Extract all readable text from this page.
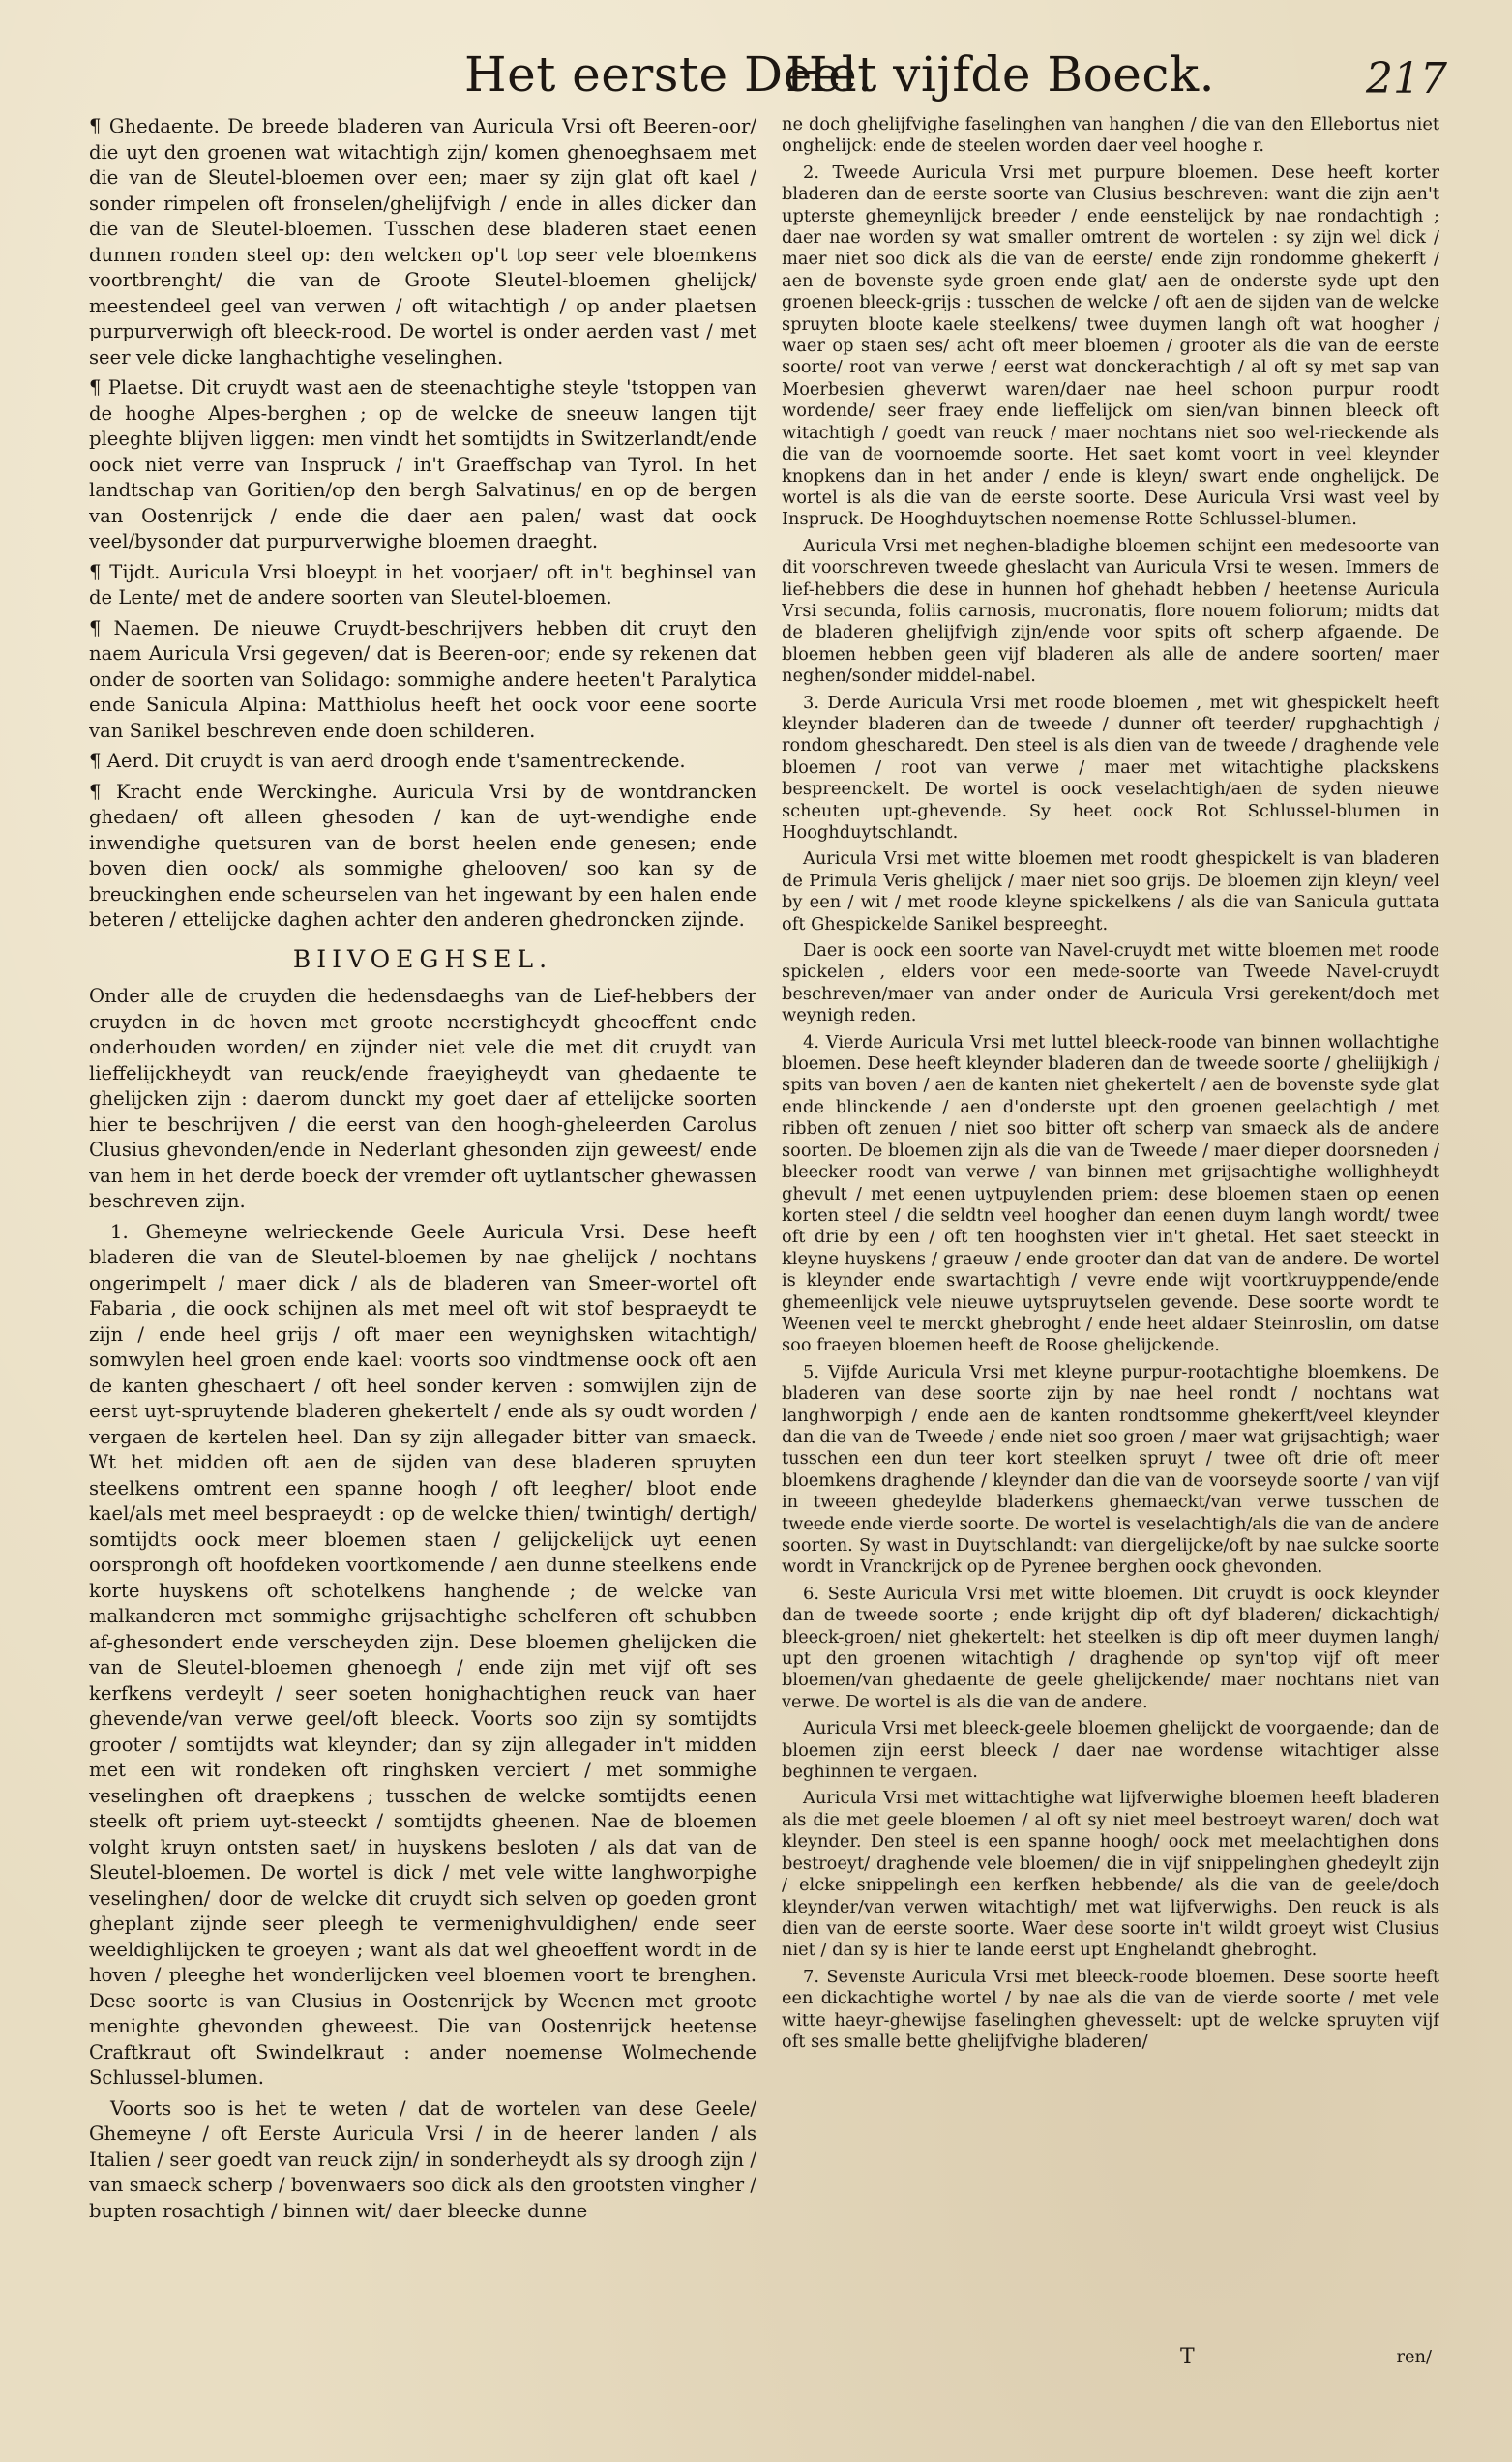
Het eerste Deel.
Het vijfde Boeck.	217

¶ Ghedaente. De breede bladeren van Auricula Vrsi oft Beeren-oor/ die uyt den groenen wat witachtigh zijn/ komen ghenoeghsaem met die van de Sleutel-bloemen over een; maer sy zijn glat oft kael / sonder rimpelen oft fronselen/ghelijfvigh / ende in alles dicker dan die van de Sleutel-bloemen. Tusschen dese bladeren staet eenen dunnen ronden steel op: den welcken op't top seer vele bloemkens voortbrenght/ die van de Groote Sleutel-bloemen ghelijck/ meestendeel geel van verwen / oft witachtigh / op ander plaetsen purpurverwigh oft bleeck-rood. De wortel is onder aerden vast / met seer vele dicke langhachtighe veselinghen.

¶ Plaetse. Dit cruydt wast aen de steenachtighe steyle 'tstoppen van de hooghe Alpes-berghen ; op de welcke de sneeuw langen tijt pleeghte blijven liggen: men vindt het somtijdts in Switzerlandt/ende oock niet verre van Inspruck / in't Graeffschap van Tyrol. In het landtschap van Goritien/op den bergh Salvatinus/ en op de bergen van Oostenrijck / ende die daer aen palen/ wast dat oock veel/bysonder dat purpurverwighe bloemen draeght.

¶ Tijdt. Auricula Vrsi bloeypt in het voorjaer/ oft in't beghinsel van de Lente/ met de andere soorten van Sleutel-bloemen.

¶ Naemen. De nieuwe Cruydt-beschrijvers hebben dit cruyt den naem Auricula Vrsi gegeven/ dat is Beeren-oor; ende sy rekenen dat onder de soorten van Solidago: sommighe andere heeten't Paralytica ende Sanicula Alpina: Matthiolus heeft het oock voor eene soorte van Sanikel beschreven ende doen schilderen.

¶ Aerd. Dit cruydt is van aerd droogh ende t'samentreckende.

¶ Kracht ende Werckinghe. Auricula Vrsi by de wontdrancken ghedaen/ oft alleen ghesoden / kan de uyt-wendighe ende inwendighe quetsuren van de borst heelen ende genesen; ende boven dien oock/ als sommighe ghelooven/ soo kan sy de breuckinghen ende scheurselen van het ingewant by een halen ende beteren / ettelijcke daghen achter den anderen ghedroncken zijnde.

BIIVOEGHSEL.

Onder alle de cruyden die hedensdaeghs van de Lief-hebbers der cruyden in de hoven met groote neerstigheydt gheoeffent ende onderhouden worden/ en zijnder niet vele die met dit cruydt van lieffelijckheydt van reuck/ende fraeyigheydt van ghedaente te ghelijcken zijn : daerom dunckt my goet daer af ettelijcke soorten hier te beschrijven / die eerst van den hoogh-gheleerden Carolus Clusius ghevonden/ende in Nederlant ghesonden zijn geweest/ ende van hem in het derde boeck der vremder oft uytlantscher ghewassen beschreven zijn.

1. Ghemeyne welrieckende Geele Auricula Vrsi. Dese heeft bladeren die van de Sleutel-bloemen by nae ghelijck / nochtans ongerimpelt / maer dick / als de bladeren van Smeer-wortel oft Fabaria , die oock schijnen als met meel oft wit stof bespraeydt te zijn / ende heel grijs / oft maer een weynighsken witachtigh/ somwylen heel groen ende kael: voorts soo vindtmense oock oft aen de kanten gheschaert / oft heel sonder kerven : somwijlen zijn de eerst uyt-spruytende bladeren ghekertelt / ende als sy oudt worden / vergaen de kertelen heel. Dan sy zijn allegader bitter van smaeck. Wt het midden oft aen de sijden van dese bladeren spruyten steelkens omtrent een spanne hoogh / oft leegher/ bloot ende kael/als met meel bespraeydt : op de welcke thien/ twintigh/ dertigh/ somtijdts oock meer bloemen staen / gelijckelijck uyt eenen oorsprongh oft hoofdeken voortkomende / aen dunne steelkens ende korte huyskens oft schotelkens hanghende ; de welcke van malkanderen met sommighe grijsachtighe schelferen oft schubben af-ghesondert ende verscheyden zijn. Dese bloemen ghelijcken die van de Sleutel-bloemen ghenoegh / ende zijn met vijf oft ses kerfkens verdeylt / seer soeten honighachtighen reuck van haer ghevende/van verwe geel/oft bleeck. Voorts soo zijn sy somtijdts grooter / somtijdts wat kleynder; dan sy zijn allegader in't midden met een wit rondeken oft ringhsken verciert / met sommighe veselinghen oft draepkens ; tusschen de welcke somtijdts eenen steelk oft priem uyt-steeckt / somtijdts gheenen. Nae de bloemen volght kruyn ontsten saet/ in huyskens besloten / als dat van de Sleutel-bloemen. De wortel is dick / met vele witte langhworpighe veselinghen/ door de welcke dit cruydt sich selven op goeden gront gheplant zijnde seer pleegh te vermenighvuldighen/ ende seer weeldighlijcken te groeyen ; want als dat wel gheoeffent wordt in de hoven / pleeghe het wonderlijcken veel bloemen voort te brenghen. Dese soorte is van Clusius in Oostenrijck by Weenen met groote menighte ghevonden gheweest. Die van Oostenrijck heetense Craftkraut oft Swindelkraut : ander noemense Wolmechende Schlussel-blumen.

Voorts soo is het te weten / dat de wortelen van dese Geele/ Ghemeyne / oft Eerste Auricula Vrsi / in de heerer landen / als Italien / seer goedt van reuck zijn/ in sonderheydt als sy droogh zijn / van smaeck scherp / bovenwaers soo dick als den grootsten vingher / bupten rosachtigh / binnen wit/ daer bleecke dunne

ne doch ghelijfvighe faselinghen van hanghen / die van den Ellebortus niet onghelijck: ende de steelen worden daer veel hooghe r.

2. Tweede Auricula Vrsi met purpure bloemen. Dese heeft korter bladeren dan de eerste soorte van Clusius beschreven: want die zijn aen't upterste ghemeynlijck breeder / ende eenstelijck by nae rondachtigh ; daer nae worden sy wat smaller omtrent de wortelen : sy zijn wel dick / maer niet soo dick als die van de eerste/ ende zijn rondomme ghekerft / aen de bovenste syde groen ende glat/ aen de onderste syde upt den groenen bleeck-grijs : tusschen de welcke / oft aen de sijden van de welcke spruyten bloote kaele steelkens/ twee duymen langh oft wat hoogher / waer op staen ses/ acht oft meer bloemen / grooter als die van de eerste soorte/ root van verwe / eerst wat donckerachtigh / al oft sy met sap van Moerbesien gheverwt waren/daer nae heel schoon purpur roodt wordende/ seer fraey ende lieffelijck om sien/van binnen bleeck oft witachtigh / goedt van reuck / maer nochtans niet soo wel-rieckende als die van de voornoemde soorte. Het saet komt voort in veel kleynder knopkens dan in het ander / ende is kleyn/ swart ende onghelijck. De wortel is als die van de eerste soorte. Dese Auricula Vrsi wast veel by Inspruck. De Hooghduytschen noemense Rotte Schlussel-blumen.

Auricula Vrsi met neghen-bladighe bloemen schijnt een medesoorte van dit voorschreven tweede gheslacht van Auricula Vrsi te wesen. Immers de lief-hebbers die dese in hunnen hof ghehadt hebben / heetense Auricula Vrsi secunda, foliis carnosis, mucronatis, flore nouem foliorum; midts dat de bladeren ghelijfvigh zijn/ende voor spits oft scherp afgaende. De bloemen hebben geen vijf bladeren als alle de andere soorten/ maer neghen/sonder middel-nabel.

3. Derde Auricula Vrsi met roode bloemen , met wit ghespickelt heeft kleynder bladeren dan de tweede / dunner oft teerder/ rupghachtigh / rondom ghescharedt. Den steel is als dien van de tweede / draghende vele bloemen / root van verwe / maer met witachtighe plackskens bespreenckelt. De wortel is oock veselachtigh/aen de syden nieuwe scheuten upt-ghevende. Sy heet oock Rot Schlussel-blumen in Hooghduytschlandt.

Auricula Vrsi met witte bloemen met roodt ghespickelt is van bladeren de Primula Veris ghelijck / maer niet soo grijs. De bloemen zijn kleyn/ veel by een / wit / met roode kleyne spickelkens / als die van Sanicula guttata oft Ghespickelde Sanikel bespreeght.

Daer is oock een soorte van Navel-cruydt met witte bloemen met roode spickelen , elders voor een mede-soorte van Tweede Navel-cruydt beschreven/maer van ander onder de Auricula Vrsi gerekent/doch met weynigh reden.

4. Vierde Auricula Vrsi met luttel bleeck-roode van binnen wollachtighe bloemen. Dese heeft kleynder bladeren dan de tweede soorte / gheliijkigh / spits van boven / aen de kanten niet ghekertelt / aen de bovenste syde glat ende blinckende / aen d'onderste upt den groenen geelachtigh / met ribben oft zenuen / niet soo bitter oft scherp van smaeck als de andere soorten. De bloemen zijn als die van de Tweede / maer dieper doorsneden / bleecker roodt van verwe / van binnen met grijsachtighe wollighheydt ghevult / met eenen uytpuylenden priem: dese bloemen staen op eenen korten steel / die seldtn veel hoogher dan eenen duym langh wordt/ twee oft drie by een / oft ten hooghsten vier in't ghetal. Het saet steeckt in kleyne huyskens / graeuw / ende grooter dan dat van de andere. De wortel is kleynder ende swartachtigh / vevre ende wijt voortkruyppende/ende ghemeenlijck vele nieuwe uytspruytselen gevende. Dese soorte wordt te Weenen veel te merckt ghebroght / ende heet aldaer Steinroslin, om datse soo fraeyen bloemen heeft de Roose ghelijckende.

5. Vijfde Auricula Vrsi met kleyne purpur-rootachtighe bloemkens. De bladeren van dese soorte zijn by nae heel rondt / nochtans wat langhworpigh / ende aen de kanten rondtsomme ghekerft/veel kleynder dan die van de Tweede / ende niet soo groen / maer wat grijsachtigh; waer tusschen een dun teer kort steelken spruyt / twee oft drie oft meer bloemkens draghende / kleynder dan die van de voorseyde soorte / van vijf in tweeen ghedeylde bladerkens ghemaeckt/van verwe tusschen de tweede ende vierde soorte. De wortel is veselachtigh/als die van de andere soorten. Sy wast in Duytschlandt: van diergelijcke/oft by nae sulcke soorte wordt in Vranckrijck op de Pyrenee berghen oock ghevonden.

6. Seste Auricula Vrsi met witte bloemen. Dit cruydt is oock kleynder dan de tweede soorte ; ende krijght dip oft dyf bladeren/ dickachtigh/ bleeck-groen/ niet ghekertelt: het steelken is dip oft meer duymen langh/ upt den groenen witachtigh / draghende op syn'top vijf oft meer bloemen/van ghedaente de geele ghelijckende/ maer nochtans niet van verwe. De wortel is als die van de andere.

Auricula Vrsi met bleeck-geele bloemen ghelijckt de voorgaende; dan de bloemen zijn eerst bleeck / daer nae wordense witachtiger alsse beghinnen te vergaen.

Auricula Vrsi met wittachtighe wat lijfverwighe bloemen heeft bladeren als die met geele bloemen / al oft sy niet meel bestroeyt waren/ doch wat kleynder. Den steel is een spanne hoogh/ oock met meelachtighen dons bestroeyt/ draghende vele bloemen/ die in vijf snippelinghen ghedeylt zijn / elcke snippelingh een kerfken hebbende/ als die van de geele/doch kleynder/van verwen witachtigh/ met wat lijfverwighs. Den reuck is als dien van de eerste soorte. Waer dese soorte in't wildt groeyt wist Clusius niet / dan sy is hier te lande eerst upt Enghelandt ghebroght.

7. Sevenste Auricula Vrsi met bleeck-roode bloemen. Dese soorte heeft een dickachtighe wortel / by nae als die van de vierde soorte / met vele witte haeyr-ghewijse faselinghen ghevesselt: upt de welcke spruyten vijf oft ses smalle bette ghelijfvighe bladeren/

T	ren/
